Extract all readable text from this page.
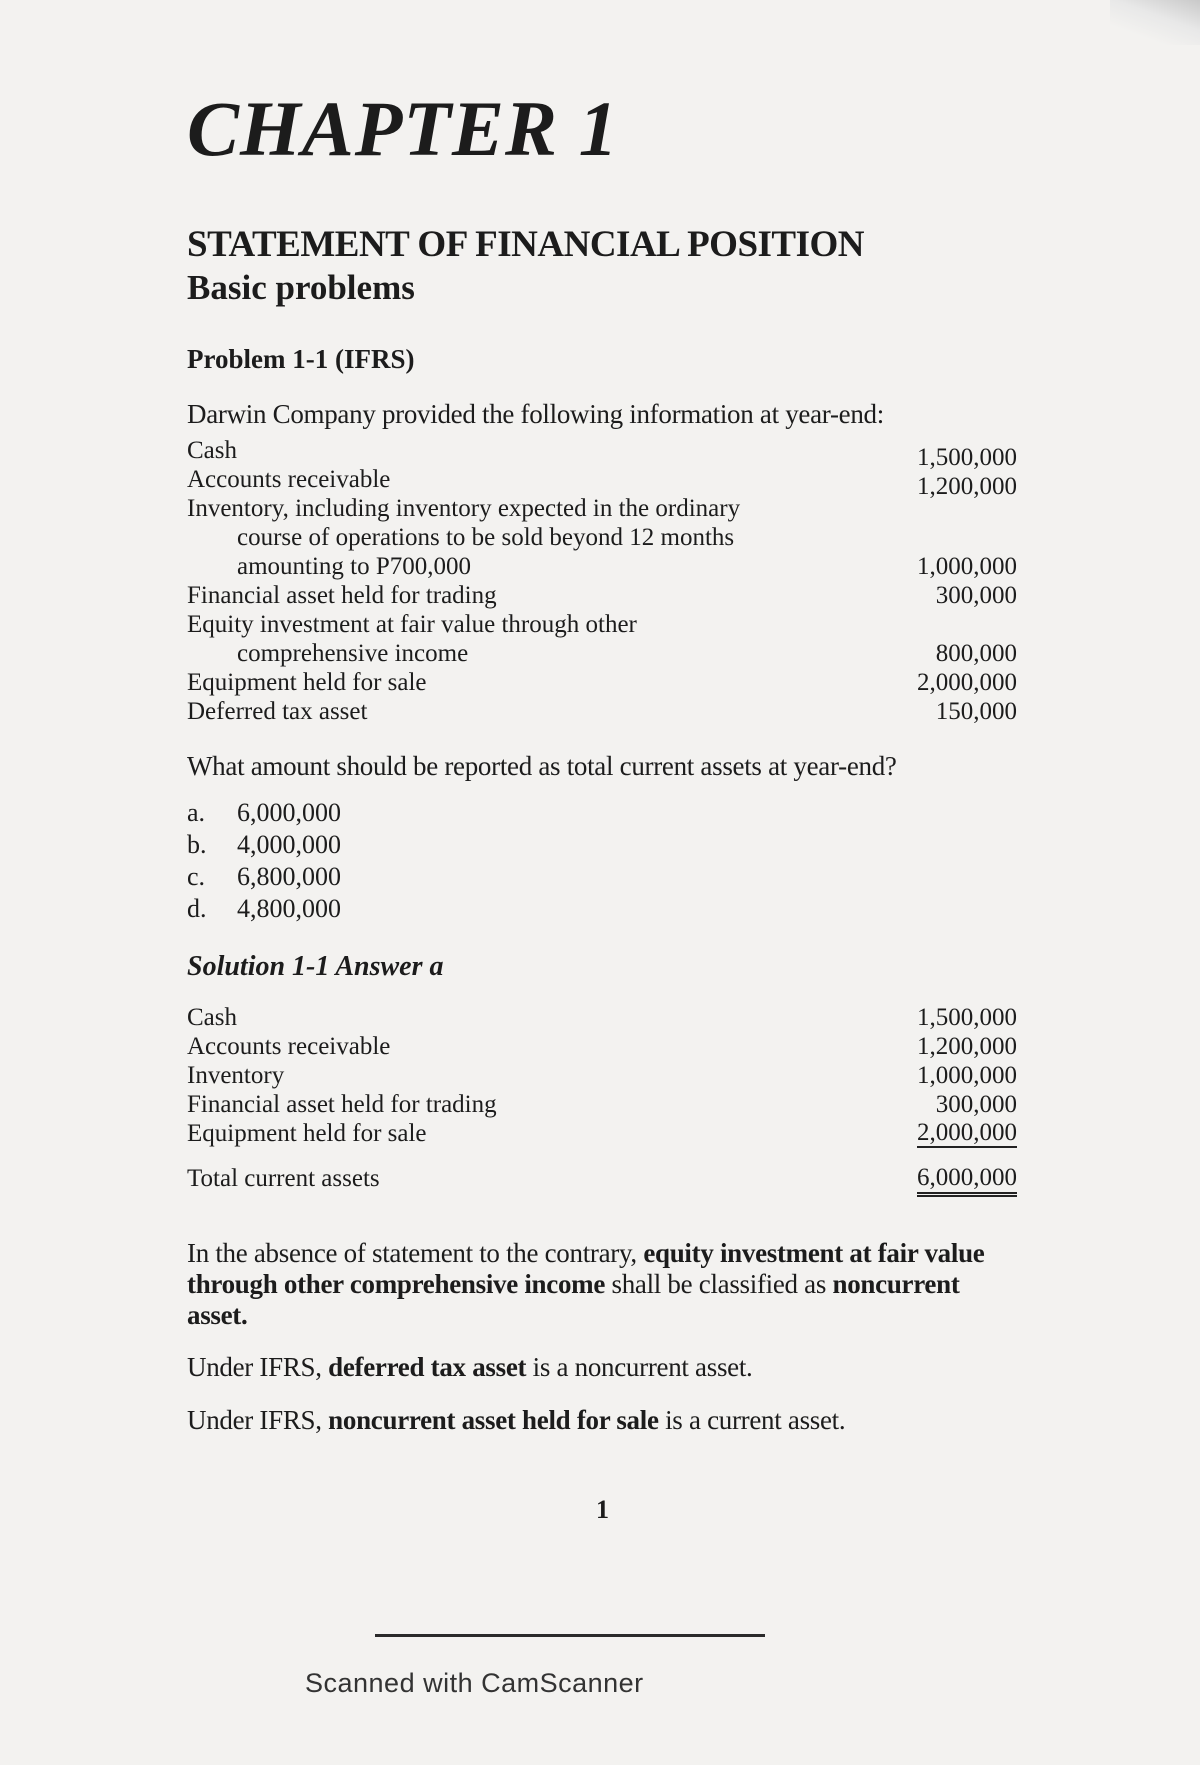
CHAPTER 1
STATEMENT OF FINANCIAL POSITION
Basic problems
Problem 1-1 (IFRS)

Darwin Company provided the following information at year-end:

Cash	1,500,000
Accounts receivable	1,200,000
Inventory, including inventory expected in the ordinary
course of operations to be sold beyond 12 months
amounting to P700,000	1,000,000
Financial asset held for trading	300,000
Equity investment at fair value through other
comprehensive income	800,000
Equipment held for sale	2,000,000
Deferred tax asset	150,000

What amount should be reported as total current assets at year-end?

a. 6,000,000
b. 4,000,000
c. 6,800,000
d. 4,800,000
Solution 1-1 Answer a
Cash	1,500,000
Accounts receivable	1,200,000
Inventory	1,000,000
Financial asset held for trading	300,000
Equipment held for sale	2,000,000
Total current assets	6,000,000

In the absence of statement to the contrary, equity investment at fair value through other comprehensive income shall be classified as noncurrent asset.

Under IFRS, deferred tax asset is a noncurrent asset.

Under IFRS, noncurrent asset held for sale is a current asset.

1

Scanned with CamScanner
